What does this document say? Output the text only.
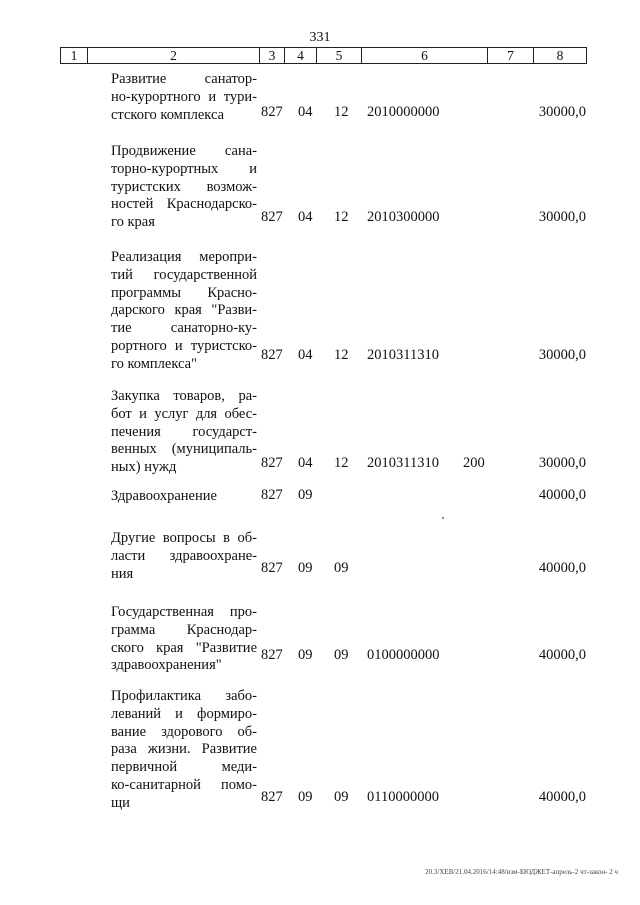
331
1	2	3	4	5	6	7	8
Развитие санатор-
но-курортного и тури-
стского комплекса	827 04 12 2010000000	30000,0
Продвижение сана-
торно-курортных и
туристских возмож-
ностей Краснодарско-
го края	827 04 12 2010300000	30000,0
Реализация меропри-
тий государственной
программы Красно-
дарского края "Разви-
тие санаторно-ку-
рортного и туристско-
го комплекса"
827 04 12 2010311310	30000,0
Закупка товаров, ра-
бот и услуг для обес-
печения государст-
венных (муниципаль-
ных) нужд	827 04 12 2010311310 200	30000,0
Здравоохранение	827 09	40000,0
Другие вопросы в об-
ласти здравоохране-
ния	827 09 09	40000,0
Государственная про-
грамма Краснодар-
ского края "Развитие
здравоохранения"
827 09 09 0100000000	40000,0
Профилактика забо-
леваний и формиро-
вание здорового об-
раза жизни. Развитие
первичной меди-
ко-санитарной помо-
щи	827 09 09 0110000000	40000,0
20.3/ХЕВ/21.04.2016/14:48/изм-БЮДЖЕТ-апрель-2 чт-закон- 2 ч
